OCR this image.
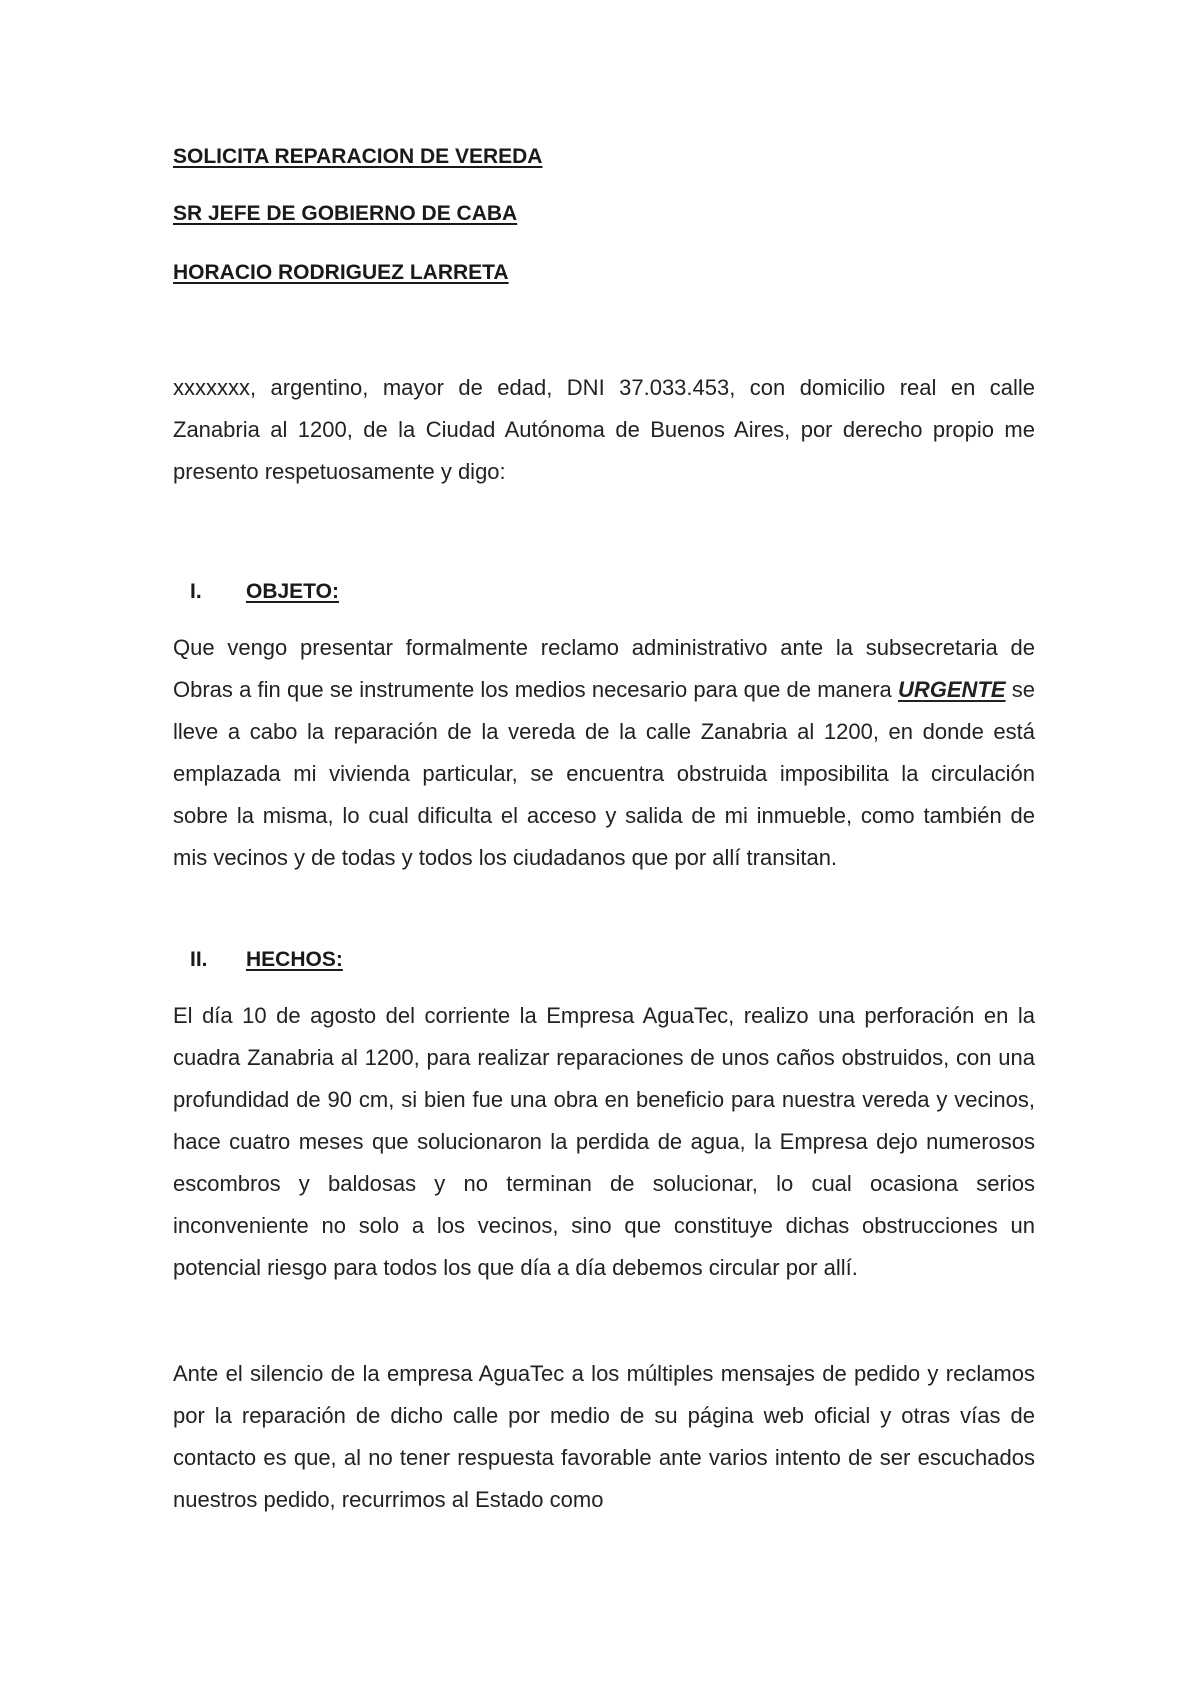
SOLICITA REPARACION DE VEREDA

SR JEFE DE GOBIERNO DE CABA

HORACIO RODRIGUEZ LARRETA

xxxxxxx, argentino, mayor de edad, DNI 37.033.453, con domicilio real en calle Zanabria al 1200, de la Ciudad Autónoma de Buenos Aires, por derecho propio me presento respetuosamente y digo:

I. OBJETO:

Que vengo presentar formalmente reclamo administrativo ante la subsecretaria de Obras a fin que se instrumente los medios necesario para que de manera URGENTE se lleve a cabo la reparación de la vereda de la calle Zanabria al 1200, en donde está emplazada mi vivienda particular, se encuentra obstruida imposibilita la circulación sobre la misma, lo cual dificulta el acceso y salida de mi inmueble, como también de mis vecinos y de todas y todos los ciudadanos que por allí transitan.

II. HECHOS:

El día 10 de agosto del corriente la Empresa AguaTec, realizo una perforación en la cuadra Zanabria al 1200, para realizar reparaciones de unos caños obstruidos, con una profundidad de 90 cm, si bien fue una obra en beneficio para nuestra vereda y vecinos, hace cuatro meses que solucionaron la perdida de agua, la Empresa dejo numerosos escombros y baldosas y no terminan de solucionar, lo cual ocasiona serios inconveniente no solo a los vecinos, sino que constituye dichas obstrucciones un potencial riesgo para todos los que día a día debemos circular por allí.

Ante el silencio de la empresa AguaTec a los múltiples mensajes de pedido y reclamos por la reparación de dicho calle por medio de su página web oficial y otras vías de contacto es que, al no tener respuesta favorable ante varios intento de ser escuchados nuestros pedido, recurrimos al Estado como
